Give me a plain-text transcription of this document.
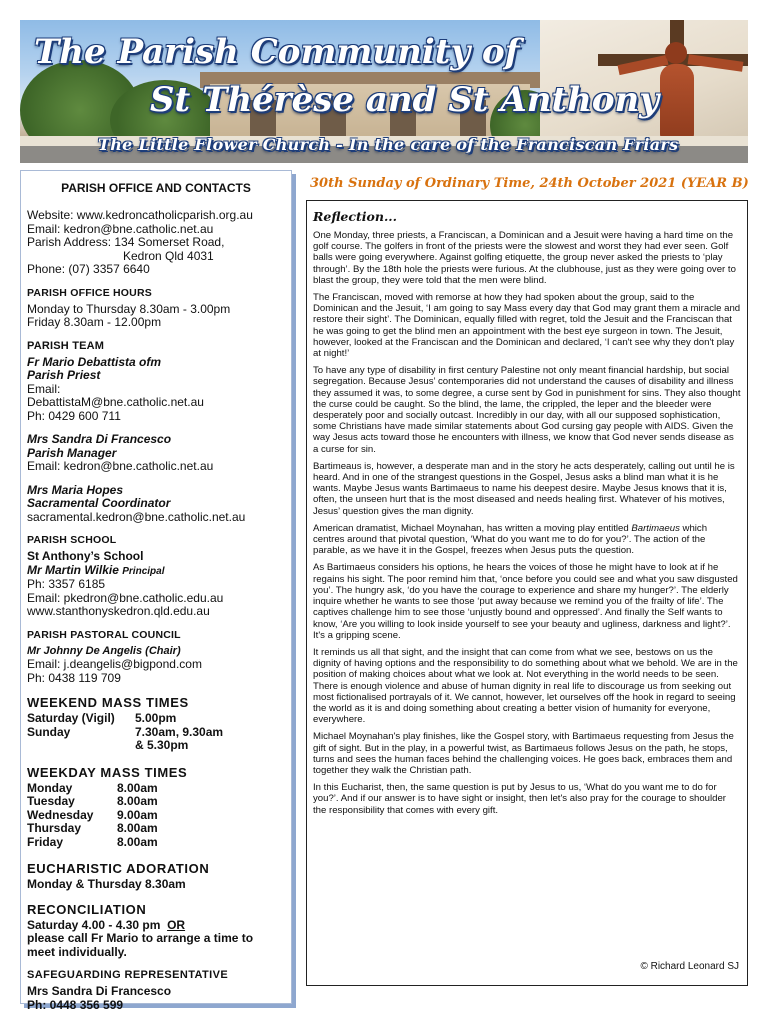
The Parish Community of
St Thérèse and St Anthony
The Little Flower Church - In the care of the Franciscan Friars

PARISH OFFICE AND CONTACTS

Website: www.kedroncatholicparish.org.au

Email: kedron@bne.catholic.net.au

Parish Address: 134 Somerset Road,

Kedron Qld 4031

Phone: (07) 3357 6640

PARISH OFFICE HOURS

Monday to Thursday 8.30am - 3.00pm

Friday 8.30am - 12.00pm

PARISH TEAM

Fr Mario Debattista ofm

Parish Priest

Email:

DebattistaM@bne.catholic.net.au

Ph: 0429 600 711

Mrs Sandra Di Francesco

Parish Manager

Email: kedron@bne.catholic.net.au

Mrs Maria Hopes

Sacramental Coordinator

sacramental.kedron@bne.catholic.net.au

PARISH SCHOOL

St Anthony’s School

Mr Martin Wilkie Principal

Ph: 3357 6185

Email: pkedron@bne.catholic.edu.au

www.stanthonyskedron.qld.edu.au

PARISH PASTORAL COUNCIL

Mr Johnny De Angelis (Chair)

Email: j.deangelis@bigpond.com

Ph: 0438 119 709

WEEKEND MASS TIMES

Saturday (Vigil)	5.00pm
Sunday	7.30am, 9.30am
& 5.30pm

WEEKDAY MASS TIMES

Monday	8.00am
Tuesday	8.00am
Wednesday	9.00am
Thursday	8.00am
Friday	8.00am

EUCHARISTIC ADORATION

Monday & Thursday 8.30am

RECONCILIATION

Saturday 4.00 - 4.30 pm OR

please call Fr Mario to arrange a time to

meet individually.

SAFEGUARDING REPRESENTATIVE

Mrs Sandra Di Francesco

Ph: 0448 356 599

30th Sunday of Ordinary Time, 24th October 2021 (YEAR B)

Reflection...

One Monday, three priests, a Franciscan, a Dominican and a Jesuit were having a hard time on the golf course. The golfers in front of the priests were the slowest and worst they had ever seen. Golf balls were going everywhere. Against golfing etiquette, the group never asked the priests to ‘play through’. By the 18th hole the priests were furious. At the clubhouse, just as they were going over to blast the group, they were told that the men were blind.

The Franciscan, moved with remorse at how they had spoken about the group, said to the Dominican and the Jesuit, ‘I am going to say Mass every day that God may grant them a miracle and restore their sight’. The Dominican, equally filled with regret, told the Jesuit and the Franciscan that he was going to get the blind men an appointment with the best eye surgeon in town. The Jesuit, however, looked at the Franciscan and the Dominican and declared, ‘I can't see why they don't play at night!’

To have any type of disability in first century Palestine not only meant financial hardship, but social segregation. Because Jesus’ contemporaries did not understand the causes of disability and illness they assumed it was, to some degree, a curse sent by God in punishment for sins. They also thought the curse could be caught. So the blind, the lame, the crippled, the leper and the bleeder were desperately poor and socially outcast. Incredibly in our day, with all our supposed sophistication, some Christians have made similar statements about God cursing gay people with AIDS. Given the way Jesus acts toward those he encounters with illness, we know that God never sends disease as a curse for sin.

Bartimeaus is, however, a desperate man and in the story he acts desperately, calling out until he is heard. And in one of the strangest questions in the Gospel, Jesus asks a blind man what it is he wants. Maybe Jesus wants Bartimaeus to name his deepest desire. Maybe Jesus knows that it is, often, the unseen hurt that is the most diseased and needs healing first. Whatever of his motives, Jesus’ question gives the man dignity.

American dramatist, Michael Moynahan, has written a moving play entitled Bartimaeus which centres around that pivotal question, ‘What do you want me to do for you?’. The action of the parable, as we have it in the Gospel, freezes when Jesus puts the question.

As Bartimaeus considers his options, he hears the voices of those he might have to look at if he regains his sight. The poor remind him that, ‘once before you could see and what you saw disgusted you’. The hungry ask, ‘do you have the courage to experience and share my hunger?’. The elderly inquire whether he wants to see those ‘put away because we remind you of the frailty of life’. The captives challenge him to see those ‘unjustly bound and oppressed’. And finally the Self wants to know, ‘Are you willing to look inside yourself to see your beauty and ugliness, darkness and light?’. It's a gripping scene.

It reminds us all that sight, and the insight that can come from what we see, bestows on us the dignity of having options and the responsibility to do something about what we behold. We are in the position of making choices about what we look at. Not everything in the world needs to be seen. There is enough violence and abuse of human dignity in real life to discourage us from seeking out most fictionalised portrayals of it. We cannot, however, let ourselves off the hook in regard to seeing the world as it is and doing something about creating a better vision of humanity for everyone, everywhere.

Michael Moynahan's play finishes, like the Gospel story, with Bartimaeus requesting from Jesus the gift of sight. But in the play, in a powerful twist, as Bartimaeus follows Jesus on the path, he stops, turns and sees the human faces behind the challenging voices. He goes back, embraces them and together they walk the Christian path.

In this Eucharist, then, the same question is put by Jesus to us, ‘What do you want me to do for you?’. And if our answer is to have sight or insight, then let's also pray for the courage to shoulder the responsibility that comes with every gift.

© Richard Leonard SJ
